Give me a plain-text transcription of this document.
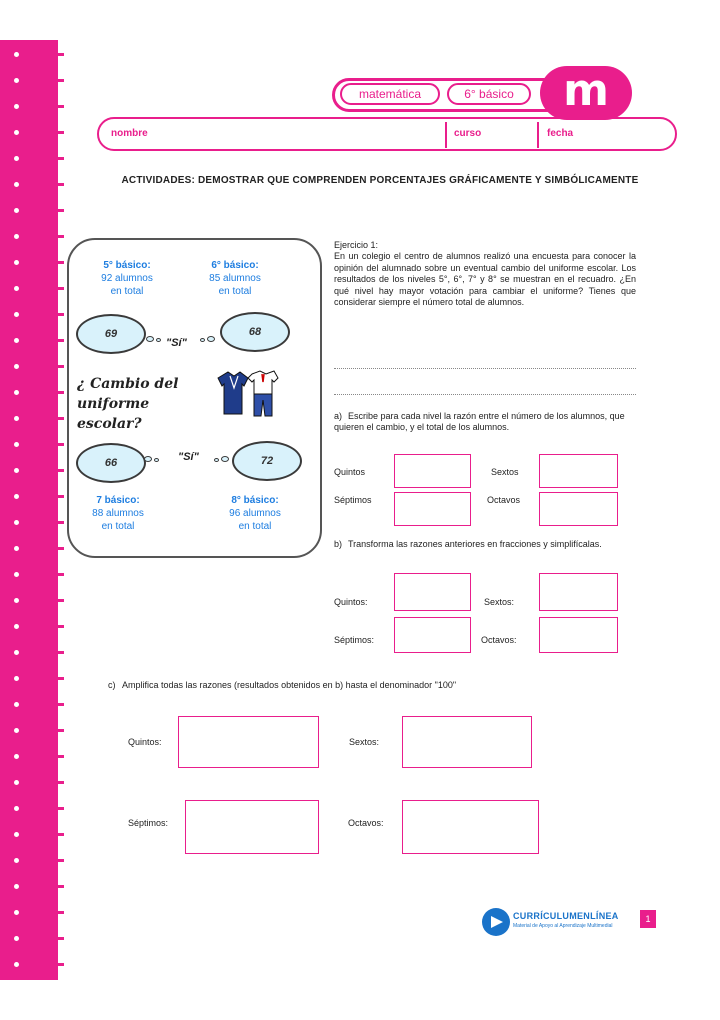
matemática	6° básico	m
nombre	curso	fecha
ACTIVIDADES: DEMOSTRAR QUE COMPRENDEN PORCENTAJES GRÁFICAMENTE Y SIMBÓLICAMENTE
5° básico:
92 alumnos
en total
6° básico:
85 alumnos
en total
69
"Sí"
68
¿ Cambio del uniforme escolar?
66	"Sí"	72
7 básico:
88 alumnos
en total
8° básico:
96 alumnos
en total
Ejercicio 1:
En un colegio el centro de alumnos realizó una encuesta para conocer la opinión del alumnado sobre un eventual cambio del uniforme escolar. Los resultados de los niveles 5°, 6°, 7° y 8° se muestran en el recuadro. ¿En qué nivel hay mayor votación para cambiar el uniforme? Tienes que considerar siempre el número total de alumnos.
a) Escribe para cada nivel la razón entre el número de los alumnos, que quieren el cambio, y el total de los alumnos.
Quintos	Sextos
Séptimos	Octavos
b) Transforma las razones anteriores en fracciones y simplifícalas.
Quintos:	Sextos:
Séptimos:	Octavos:
c) Amplifica todas las razones (resultados obtenidos en b) hasta el denominador "100"
Quintos:	Sextos:
Séptimos:	Octavos:
CURRÍCULUMENLÍNEA
Material de Apoyo al Aprendizaje Multimedial
1
